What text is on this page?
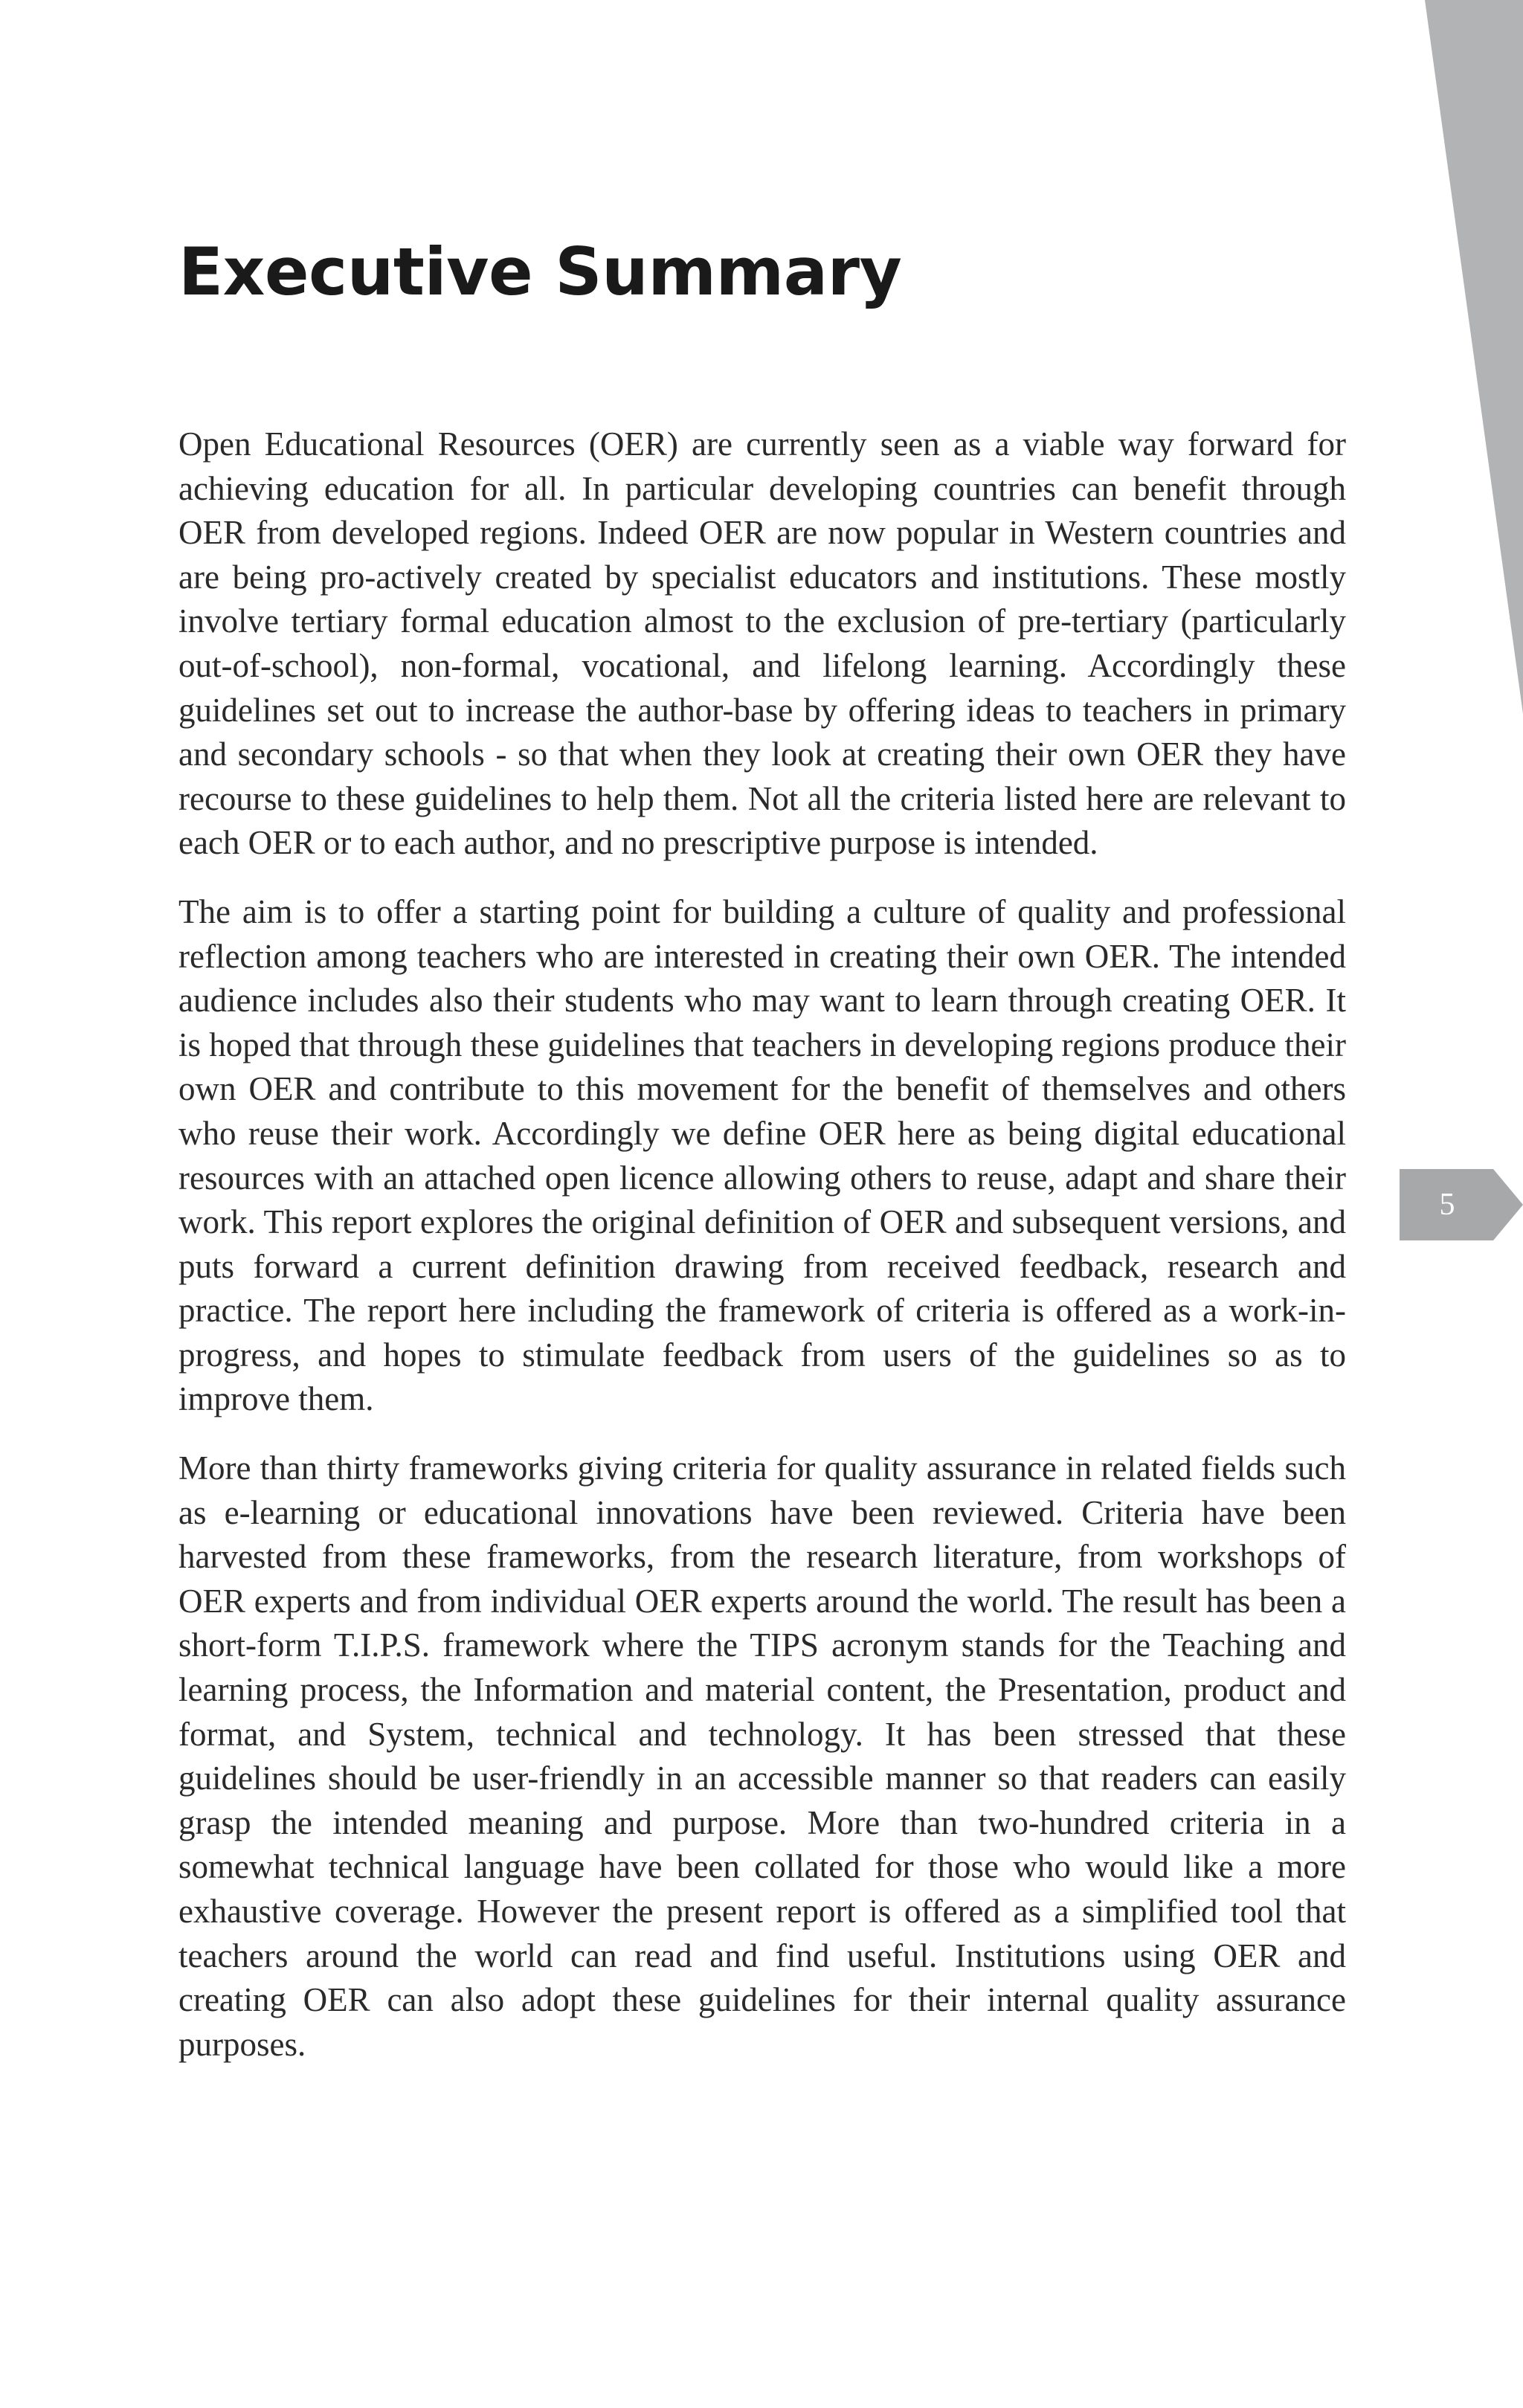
Executive Summary

Open Educational Resources (OER) are currently seen as a viable way forward for achieving education for all. In particular developing countries can benefit through OER from developed regions. Indeed OER are now popular in Western countries and are being pro-actively created by specialist educators and institutions. These mostly involve tertiary formal education almost to the exclusion of pre-tertiary (particularly out-of-school), non-formal, vocational, and lifelong learning. Accordingly these guidelines set out to increase the author-base by offering ideas to teachers in primary and secondary schools - so that when they look at creating their own OER they have recourse to these guidelines to help them. Not all the criteria listed here are relevant to each OER or to each author, and no prescriptive purpose is intended.

The aim is to offer a starting point for building a culture of quality and professional reflection among teachers who are interested in creating their own OER. The intended audience includes also their students who may want to learn through creating OER. It is hoped that through these guidelines that teachers in developing regions produce their own OER and contribute to this movement for the benefit of themselves and others who reuse their work. Accordingly we define OER here as being digital educational resources with an attached open licence allowing others to reuse, adapt and share their work. This report explores the original definition of OER and subsequent versions, and puts forward a current definition drawing from received feedback, research and practice. The report here including the framework of criteria is offered as a work-in-progress, and hopes to stimulate feedback from users of the guidelines so as to improve them.

More than thirty frameworks giving criteria for quality assurance in related fields such as e-learning or educational innovations have been reviewed. Criteria have been harvested from these frameworks, from the research literature, from workshops of OER experts and from individual OER experts around the world. The result has been a short-form T.I.P.S. framework where the TIPS acronym stands for the Teaching and learning process, the Information and material content, the Presentation, product and format, and System, technical and technology. It has been stressed that these guidelines should be user-friendly in an accessible manner so that readers can easily grasp the intended meaning and purpose. More than two-hundred criteria in a somewhat technical language have been collated for those who would like a more exhaustive coverage. However the present report is offered as a simplified tool that teachers around the world can read and find useful. Institutions using OER and creating OER can also adopt these guidelines for their internal quality assurance purposes.

5
